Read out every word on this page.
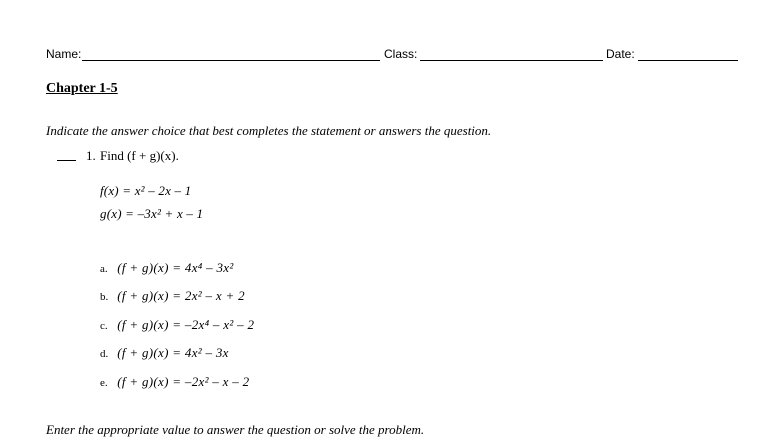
Name:	Class:	Date:
Chapter 1-5
Indicate the answer choice that best completes the statement or answers the question.
1. Find (f + g)(x).
f(x) = x² – 2x – 1
g(x) = –3x² + x – 1
a. (f + g)(x) = 4x⁴ – 3x²
b. (f + g)(x) = 2x² – x + 2
c. (f + g)(x) = –2x⁴ – x² – 2
d. (f + g)(x) = 4x² – 3x
e. (f + g)(x) = –2x² – x – 2
Enter the appropriate value to answer the question or solve the problem.
